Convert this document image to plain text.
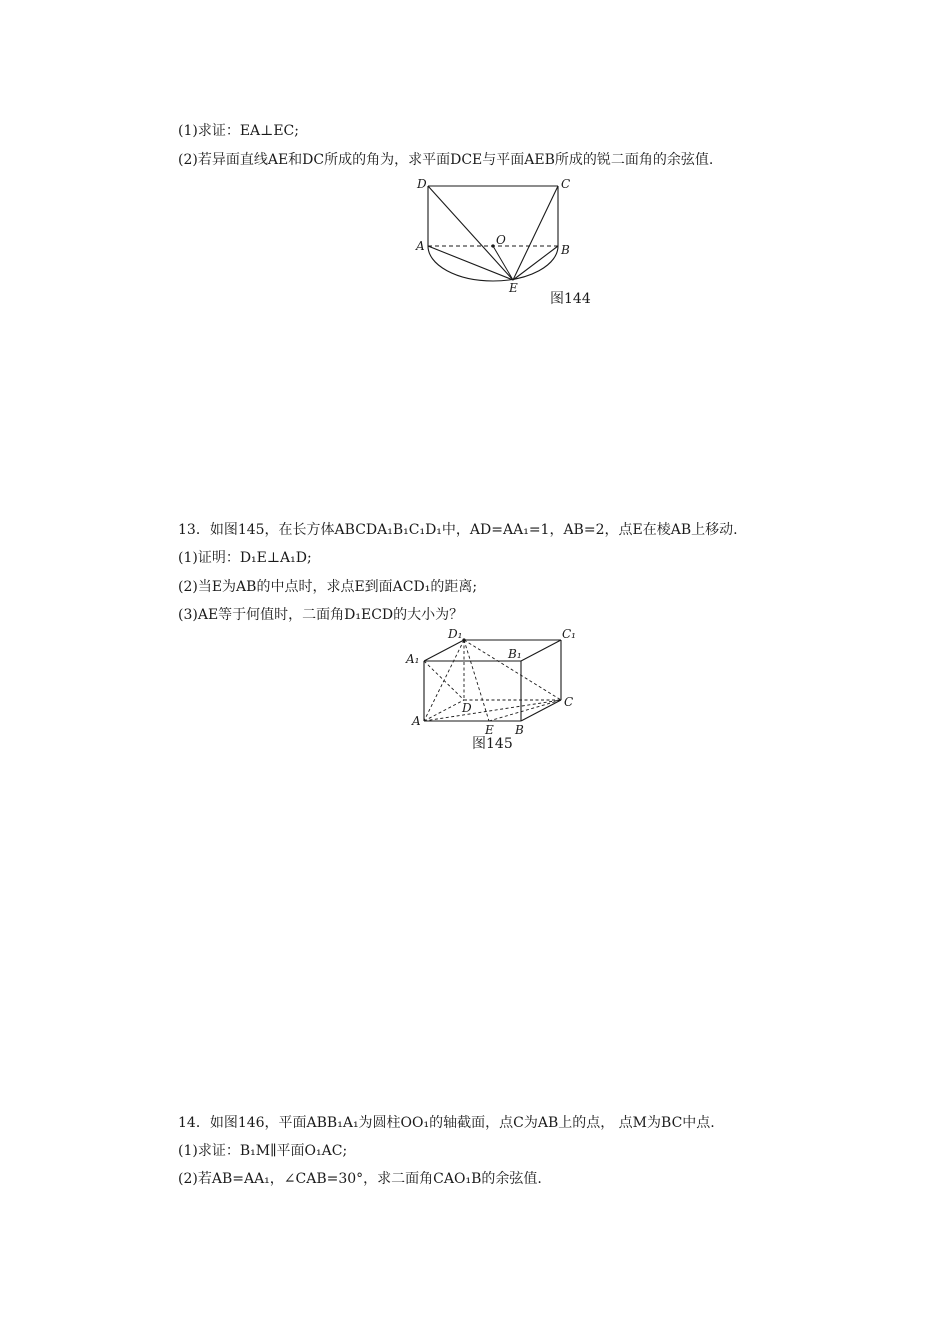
(1)求证：EA⊥EC;
(2)若异面直线AE和DC所成的角为，求平面DCE与平面AEB所成的锐二面角的余弦值.
D	C
A	O
B
E
图144
13．如图145，在长方体ABCDA₁B₁C₁D₁中，AD=AA₁=1，AB=2，点E在棱AB上移动.
(1)证明：D₁E⊥A₁D;
(2)当E为AB的中点时，求点E到面ACD₁的距离;
(3)AE等于何值时，二面角D₁ECD的大小为？
D₁	C₁
A₁	B₁
D	C
A
E B
图145
14．如图146，平面ABB₁A₁为圆柱OO₁的轴截面，点C为AB上的点， 点M为BC中点.
(1)求证：B₁M∥平面O₁AC;
(2)若AB=AA₁，∠CAB=30°，求二面角CAO₁B的余弦值.
